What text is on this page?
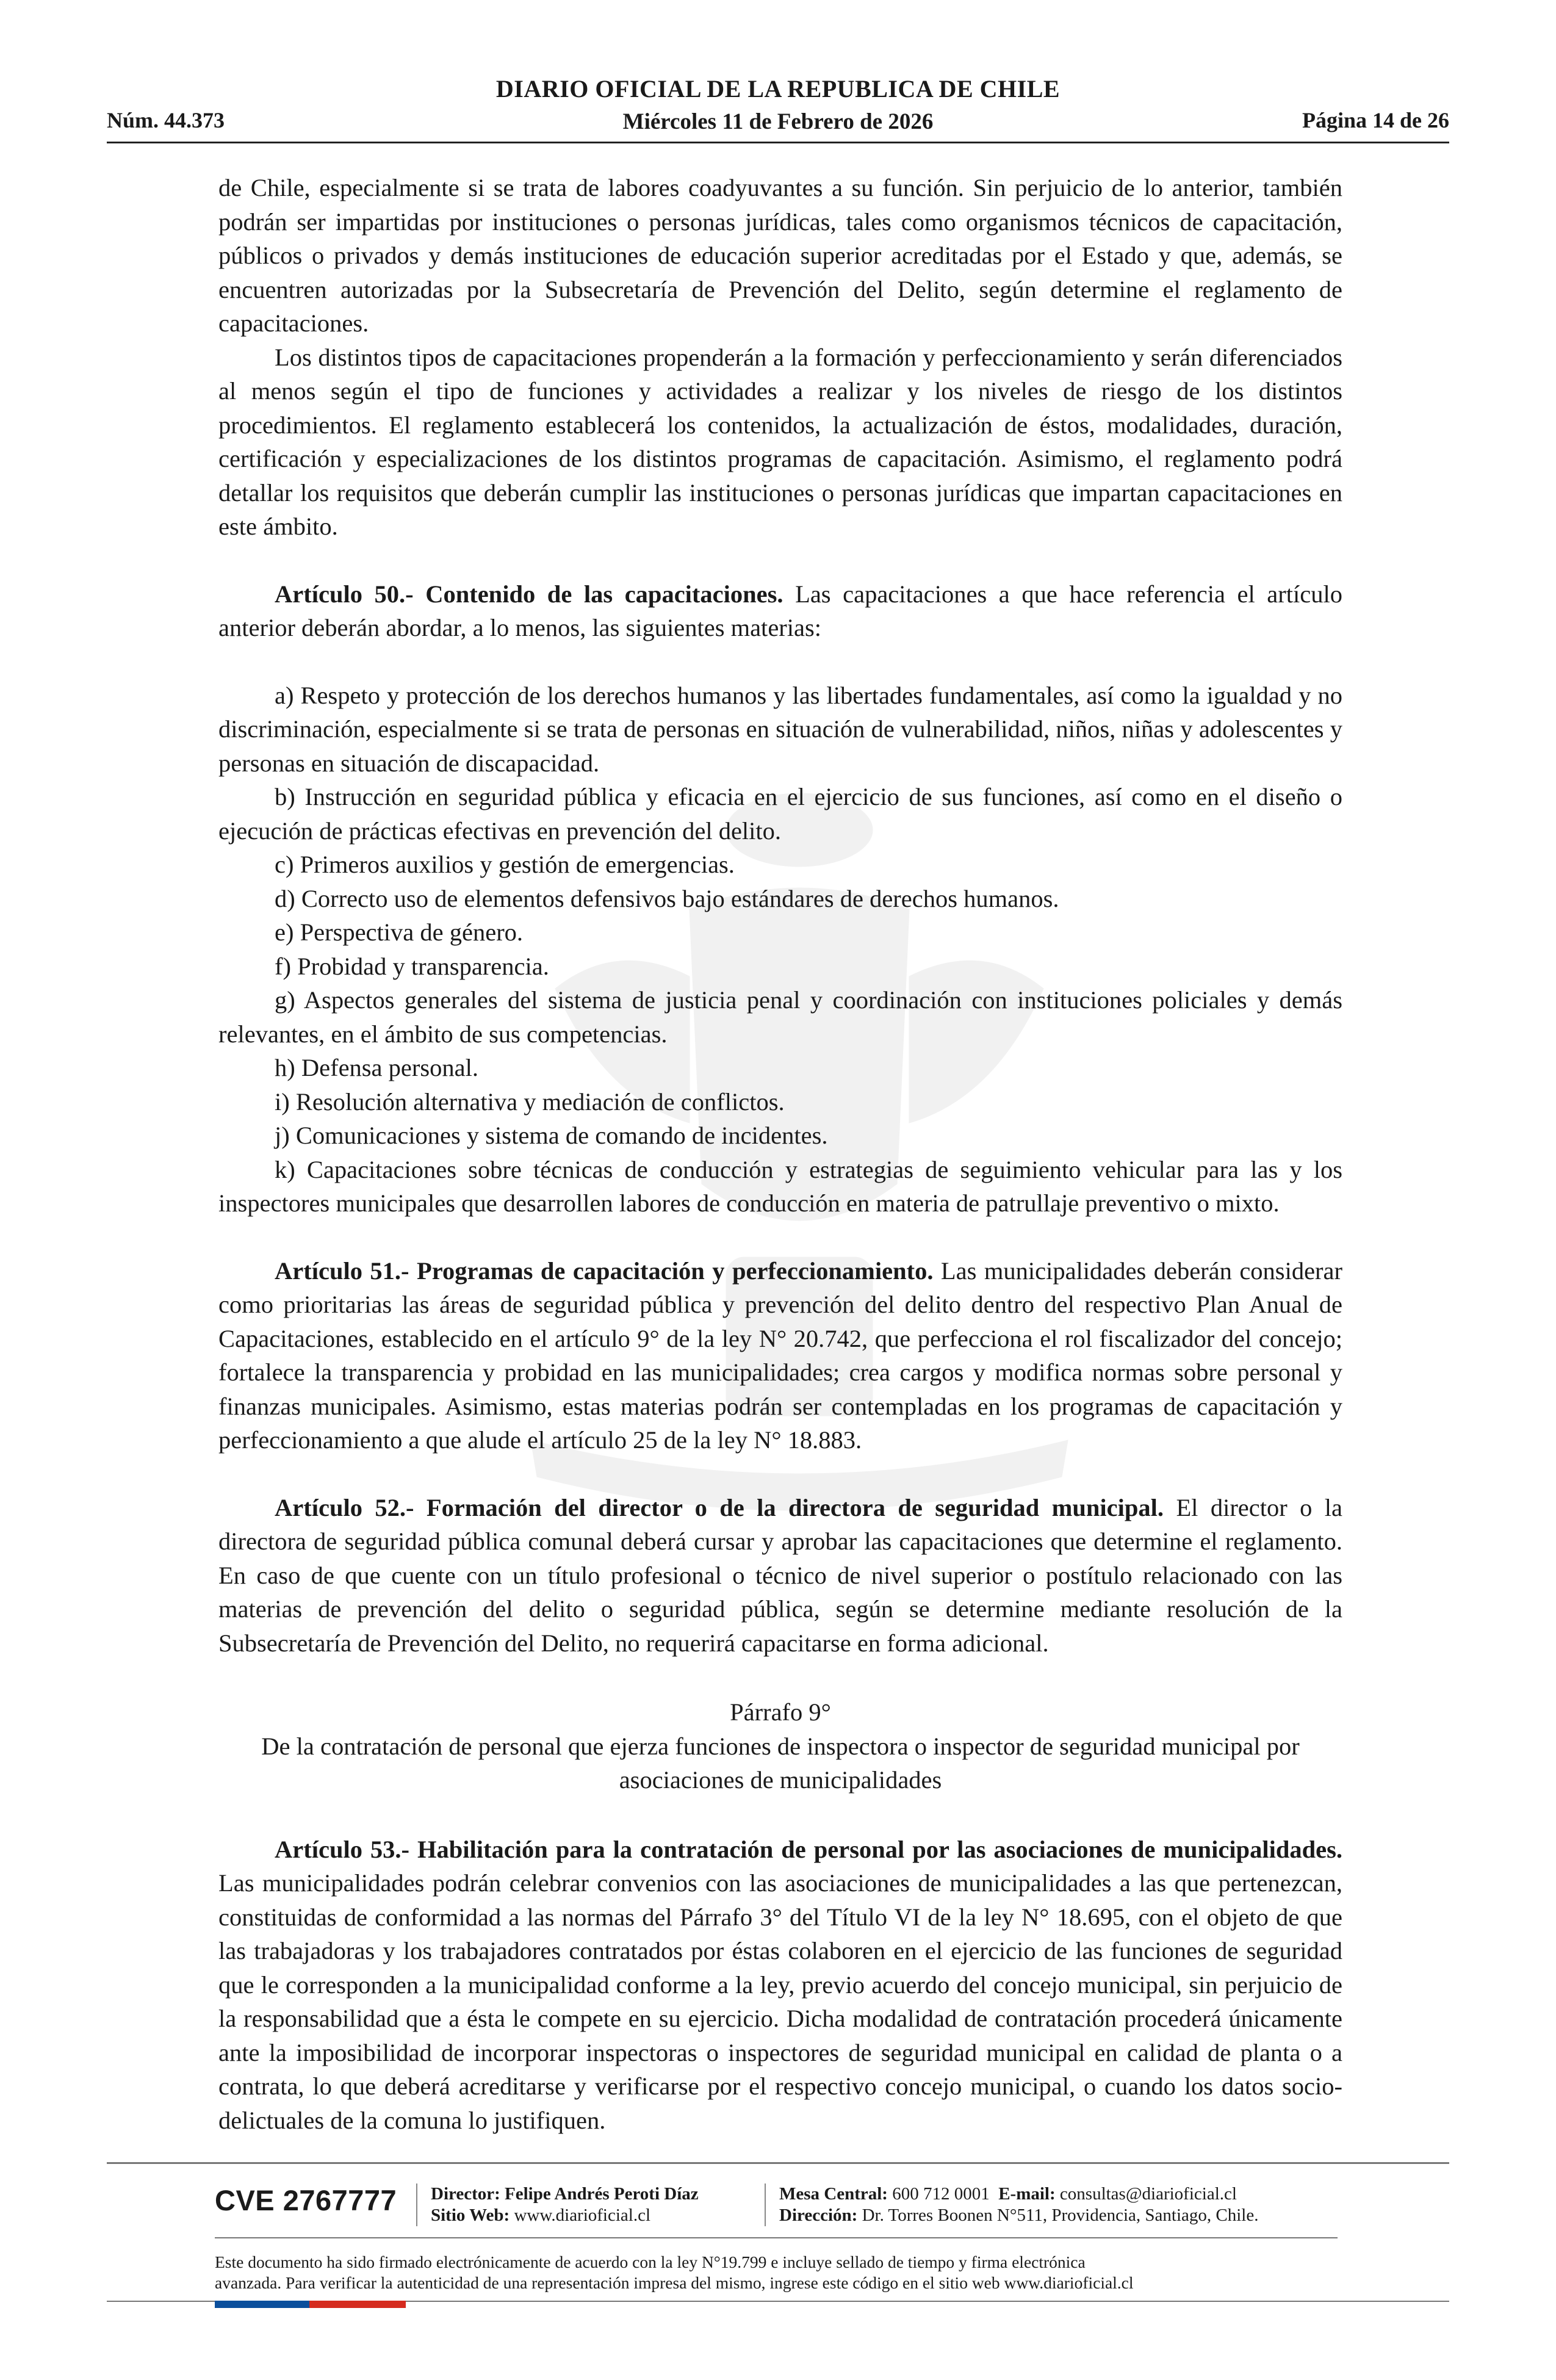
Núm. 44.373
DIARIO OFICIAL DE LA REPUBLICA DE CHILE
Miércoles 11 de Febrero de 2026	Página 14 de 26

de Chile, especialmente si se trata de labores coadyuvantes a su función. Sin perjuicio de lo anterior, también podrán ser impartidas por instituciones o personas jurídicas, tales como organismos técnicos de capacitación, públicos o privados y demás instituciones de educación superior acreditadas por el Estado y que, además, se encuentren autorizadas por la Subsecretaría de Prevención del Delito, según determine el reglamento de capacitaciones.

Los distintos tipos de capacitaciones propenderán a la formación y perfeccionamiento y serán diferenciados al menos según el tipo de funciones y actividades a realizar y los niveles de riesgo de los distintos procedimientos. El reglamento establecerá los contenidos, la actualización de éstos, modalidades, duración, certificación y especializaciones de los distintos programas de capacitación. Asimismo, el reglamento podrá detallar los requisitos que deberán cumplir las instituciones o personas jurídicas que impartan capacitaciones en este ámbito.

Artículo 50.- Contenido de las capacitaciones. Las capacitaciones a que hace referencia el artículo anterior deberán abordar, a lo menos, las siguientes materias:

a) Respeto y protección de los derechos humanos y las libertades fundamentales, así como la igualdad y no discriminación, especialmente si se trata de personas en situación de vulnerabilidad, niños, niñas y adolescentes y personas en situación de discapacidad.

b) Instrucción en seguridad pública y eficacia en el ejercicio de sus funciones, así como en el diseño o ejecución de prácticas efectivas en prevención del delito.

c) Primeros auxilios y gestión de emergencias.

d) Correcto uso de elementos defensivos bajo estándares de derechos humanos.

e) Perspectiva de género.

f) Probidad y transparencia.

g) Aspectos generales del sistema de justicia penal y coordinación con instituciones policiales y demás relevantes, en el ámbito de sus competencias.

h) Defensa personal.

i) Resolución alternativa y mediación de conflictos.

j) Comunicaciones y sistema de comando de incidentes.

k) Capacitaciones sobre técnicas de conducción y estrategias de seguimiento vehicular para las y los inspectores municipales que desarrollen labores de conducción en materia de patrullaje preventivo o mixto.

Artículo 51.- Programas de capacitación y perfeccionamiento. Las municipalidades deberán considerar como prioritarias las áreas de seguridad pública y prevención del delito dentro del respectivo Plan Anual de Capacitaciones, establecido en el artículo 9° de la ley N° 20.742, que perfecciona el rol fiscalizador del concejo; fortalece la transparencia y probidad en las municipalidades; crea cargos y modifica normas sobre personal y finanzas municipales. Asimismo, estas materias podrán ser contempladas en los programas de capacitación y perfeccionamiento a que alude el artículo 25 de la ley N° 18.883.

Artículo 52.- Formación del director o de la directora de seguridad municipal. El director o la directora de seguridad pública comunal deberá cursar y aprobar las capacitaciones que determine el reglamento. En caso de que cuente con un título profesional o técnico de nivel superior o postítulo relacionado con las materias de prevención del delito o seguridad pública, según se determine mediante resolución de la Subsecretaría de Prevención del Delito, no requerirá capacitarse en forma adicional.

Párrafo 9°

De la contratación de personal que ejerza funciones de inspectora o inspector de seguridad municipal por asociaciones de municipalidades

Artículo 53.- Habilitación para la contratación de personal por las asociaciones de municipalidades. Las municipalidades podrán celebrar convenios con las asociaciones de municipalidades a las que pertenezcan, constituidas de conformidad a las normas del Párrafo 3° del Título VI de la ley N° 18.695, con el objeto de que las trabajadoras y los trabajadores contratados por éstas colaboren en el ejercicio de las funciones de seguridad que le corresponden a la municipalidad conforme a la ley, previo acuerdo del concejo municipal, sin perjuicio de la responsabilidad que a ésta le compete en su ejercicio. Dicha modalidad de contratación procederá únicamente ante la imposibilidad de incorporar inspectoras o inspectores de seguridad municipal en calidad de planta o a contrata, lo que deberá acreditarse y verificarse por el respectivo concejo municipal, o cuando los datos socio-delictuales de la comuna lo justifiquen.

CVE 2767777 Director: Felipe Andrés Peroti Díaz
Sitio Web: www.diarioficial.cl
Mesa Central: 600 712 0001 E-mail: consultas@diarioficial.cl
Dirección: Dr. Torres Boonen N°511, Providencia, Santiago, Chile.
Este documento ha sido firmado electrónicamente de acuerdo con la ley N°19.799 e incluye sellado de tiempo y firma electrónica
avanzada. Para verificar la autenticidad de una representación impresa del mismo, ingrese este código en el sitio web www.diarioficial.cl
